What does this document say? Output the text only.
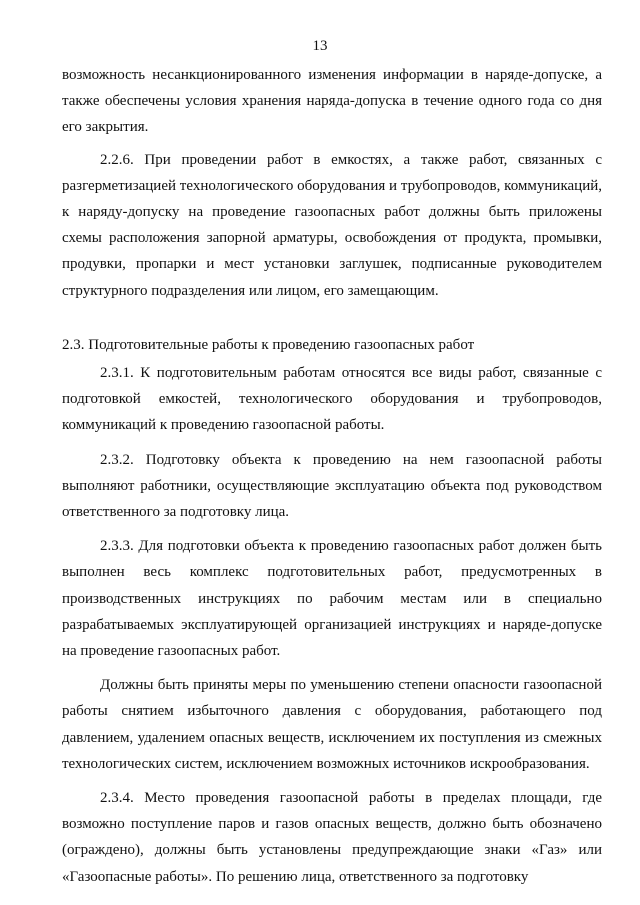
13

возможность несанкционированного изменения информации в наряде-допуске, а также обеспечены условия хранения наряда-допуска в течение одного года со дня его закрытия.

2.2.6. При проведении работ в емкостях, а также работ, связанных с разгерметизацией технологического оборудования и трубопроводов, коммуникаций, к наряду-допуску на проведение газоопасных работ должны быть приложены схемы расположения запорной арматуры, освобождения от продукта, промывки, продувки, пропарки и мест установки заглушек, подписанные руководителем структурного подразделения или лицом, его замещающим.

2.3. Подготовительные работы к проведению газоопасных работ

2.3.1. К подготовительным работам относятся все виды работ, связанные с подготовкой емкостей, технологического оборудования и трубопроводов, коммуникаций к проведению газоопасной работы.

2.3.2. Подготовку объекта к проведению на нем газоопасной работы выполняют работники, осуществляющие эксплуатацию объекта под руководством ответственного за подготовку лица.

2.3.3. Для подготовки объекта к проведению газоопасных работ должен быть выполнен весь комплекс подготовительных работ, предусмотренных в производственных инструкциях по рабочим местам или в специально разрабатываемых эксплуатирующей организацией инструкциях и наряде-допуске на проведение газоопасных работ.

Должны быть приняты меры по уменьшению степени опасности газоопасной работы снятием избыточного давления с оборудования, работающего под давлением, удалением опасных веществ, исключением их поступления из смежных технологических систем, исключением возможных источников искрообразования.

2.3.4. Место проведения газоопасной работы в пределах площади, где возможно поступление паров и газов опасных веществ, должно быть обозначено (ограждено), должны быть установлены предупреждающие знаки «Газ» или «Газоопасные работы». По решению лица, ответственного за подготовку
